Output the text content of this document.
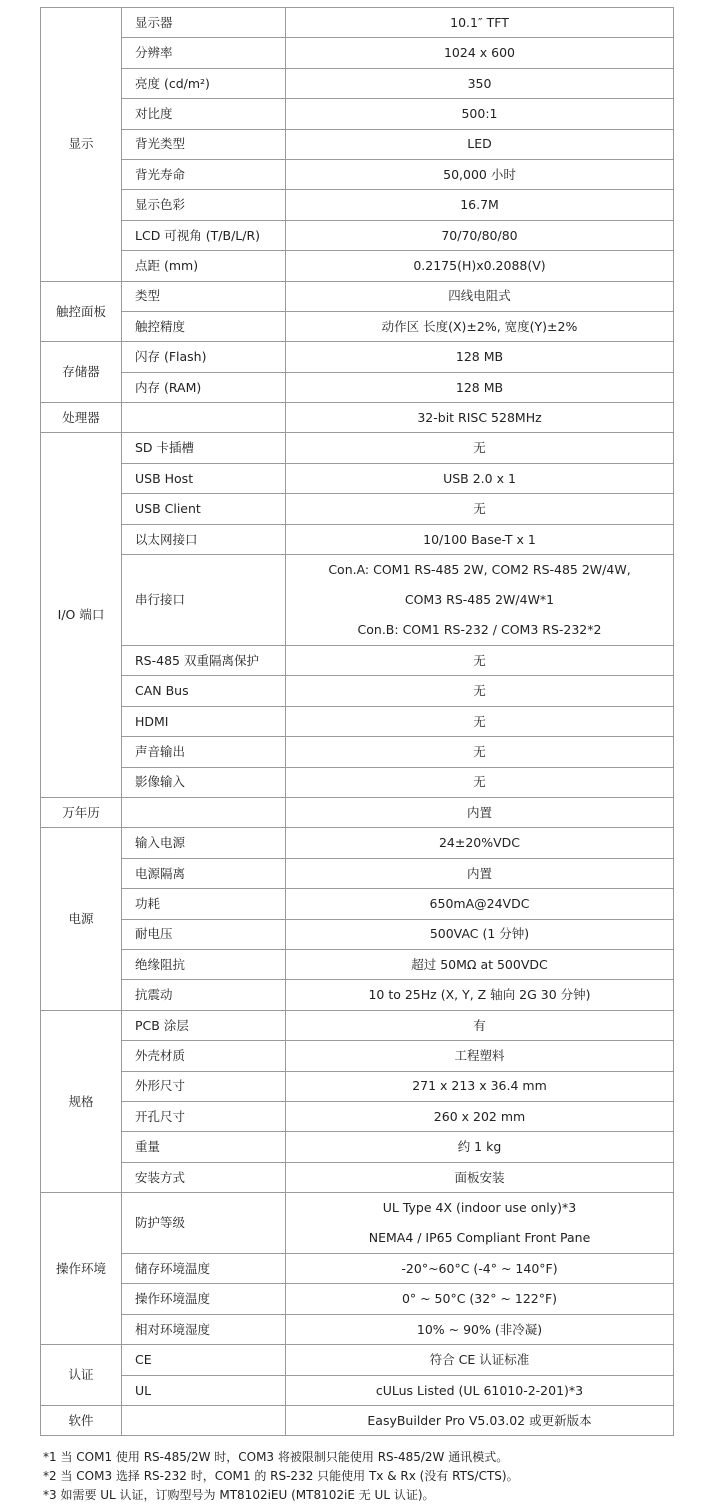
显示	显示器	10.1″ TFT

	分辨率	1024 x 600

	亮度 (cd/m²)	350

	对比度	500:1

	背光类型	LED

	背光寿命	50,000 小时

	显示色彩	16.7M

	LCD 可视角 (T/B/L/R)	70/70/80/80

	点距 (mm)	0.2175(H)x0.2088(V)

触控面板	类型	四线电阻式

	触控精度	动作区 长度(X)±2%, 宽度(Y)±2%

存储器	闪存 (Flash)	128 MB

	内存 (RAM)	128 MB

处理器		32-bit RISC 528MHz

I/O 端口	SD 卡插槽	无

	USB Host	USB 2.0 x 1

	USB Client	无

	以太网接口	10/100 Base-T x 1

	串行接口	Con.A: COM1 RS-485 2W, COM2 RS-485 2W/4W,
COM3 RS-485 2W/4W*1
Con.B: COM1 RS-232 / COM3 RS-232*2

	RS-485 双重隔离保护	无

	CAN Bus	无

	HDMI	无

	声音输出	无

	影像输入	无

万年历		内置

电源	输入电源	24±20%VDC

	电源隔离	内置

	功耗	650mA@24VDC

	耐电压	500VAC (1 分钟)

	绝缘阻抗	超过 50MΩ at 500VDC

	抗震动	10 to 25Hz (X, Y, Z 轴向 2G 30 分钟)

规格	PCB 涂层	有

	外壳材质	工程塑料

	外形尺寸	271 x 213 x 36.4 mm

	开孔尺寸	260 x 202 mm

	重量	约 1 kg

	安装方式	面板安装

操作环境	防护等级	UL Type 4X (indoor use only)*3
NEMA4 / IP65 Compliant Front Pane

	储存环境温度	-20°~60°C (-4° ~ 140°F)

	操作环境温度	0° ~ 50°C (32° ~ 122°F)

	相对环境湿度	10% ~ 90% (非冷凝)

认证	CE	符合 CE 认证标准

	UL	cULus Listed (UL 61010-2-201)*3

软件		EasyBuilder Pro V5.03.02 或更新版本
*1 当 COM1 使用 RS-485/2W 时，COM3 将被限制只能使用 RS-485/2W 通讯模式。
*2 当 COM3 选择 RS-232 时，COM1 的 RS-232 只能使用 Tx & Rx (没有 RTS/CTS)。
*3 如需要 UL 认证，订购型号为 MT8102iEU (MT8102iE 无 UL 认证)。
